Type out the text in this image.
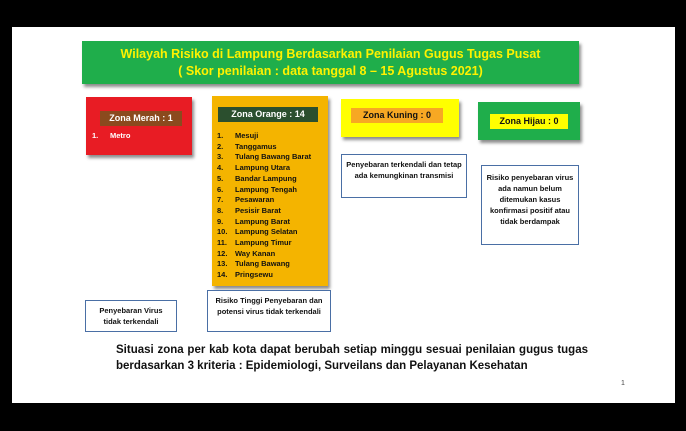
Wilayah Risiko di Lampung Berdasarkan Penilaian Gugus Tugas Pusat
( Skor penilaian : data tanggal 8 – 15 Agustus 2021)
Zona Merah : 1
1. Metro
Zona Orange : 14
1. Mesuji
2. Tanggamus
3. Tulang Bawang Barat
4. Lampung Utara
5. Bandar Lampung
6. Lampung Tengah
7. Pesawaran
8. Pesisir Barat
9. Lampung Barat
10. Lampung Selatan
11. Lampung Timur
12. Way Kanan
13. Tulang Bawang
14. Pringsewu
Zona Kuning : 0
Zona Hijau : 0
Penyebaran terkendali dan tetap ada kemungkinan transmisi	Risiko penyebaran virus ada namun belum ditemukan kasus konfirmasi positif atau tidak berdampak
Risiko Tinggi Penyebaran dan potensi virus tidak terkendali
Penyebaran Virus tidak terkendali
Situasi zona per kab kota dapat berubah setiap minggu sesuai penilaian gugus tugas berdasarkan 3 kriteria : Epidemiologi, Surveilans dan Pelayanan Kesehatan
1
